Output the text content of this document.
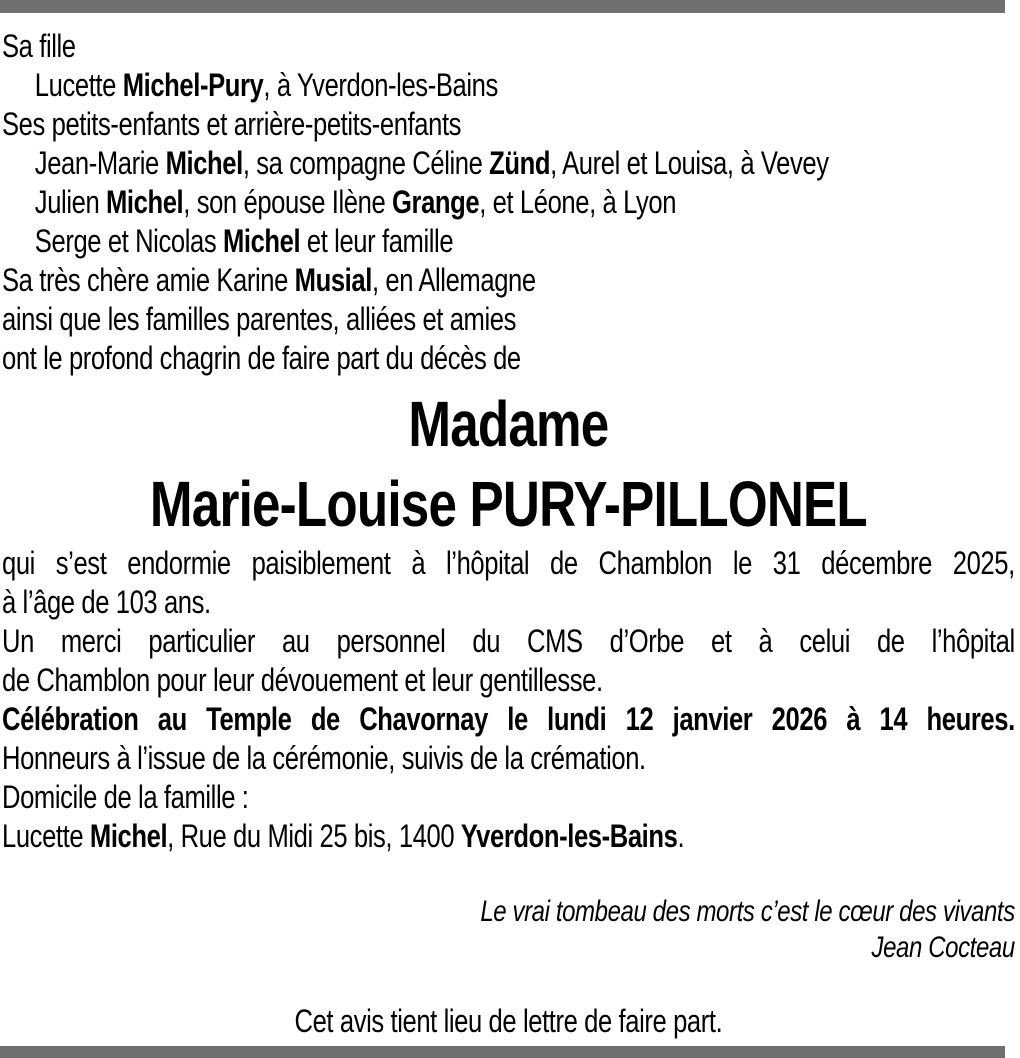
Sa fille
Lucette Michel-Pury, à Yverdon-les-Bains
Ses petits-enfants et arrière-petits-enfants
Jean-Marie Michel, sa compagne Céline Zünd, Aurel et Louisa, à Vevey
Julien Michel, son épouse Ilène Grange, et Léone, à Lyon
Serge et Nicolas Michel et leur famille
Sa très chère amie Karine Musial, en Allemagne
ainsi que les familles parentes, alliées et amies
ont le profond chagrin de faire part du décès de
Madame
Marie-Louise PURY-PILLONEL
qui s’est endormie paisiblement à l’hôpital de Chamblon le 31 décembre 2025,
à l’âge de 103 ans.
Un merci particulier au personnel du CMS d’Orbe et à celui de l’hôpital
de Chamblon pour leur dévouement et leur gentillesse.
Célébration au Temple de Chavornay le lundi 12 janvier 2026 à 14 heures.
Honneurs à l’issue de la cérémonie, suivis de la crémation.
Domicile de la famille :
Lucette Michel, Rue du Midi 25 bis, 1400 Yverdon-les-Bains.
Le vrai tombeau des morts c’est le cœur des vivants
Jean Cocteau
Cet avis tient lieu de lettre de faire part.
